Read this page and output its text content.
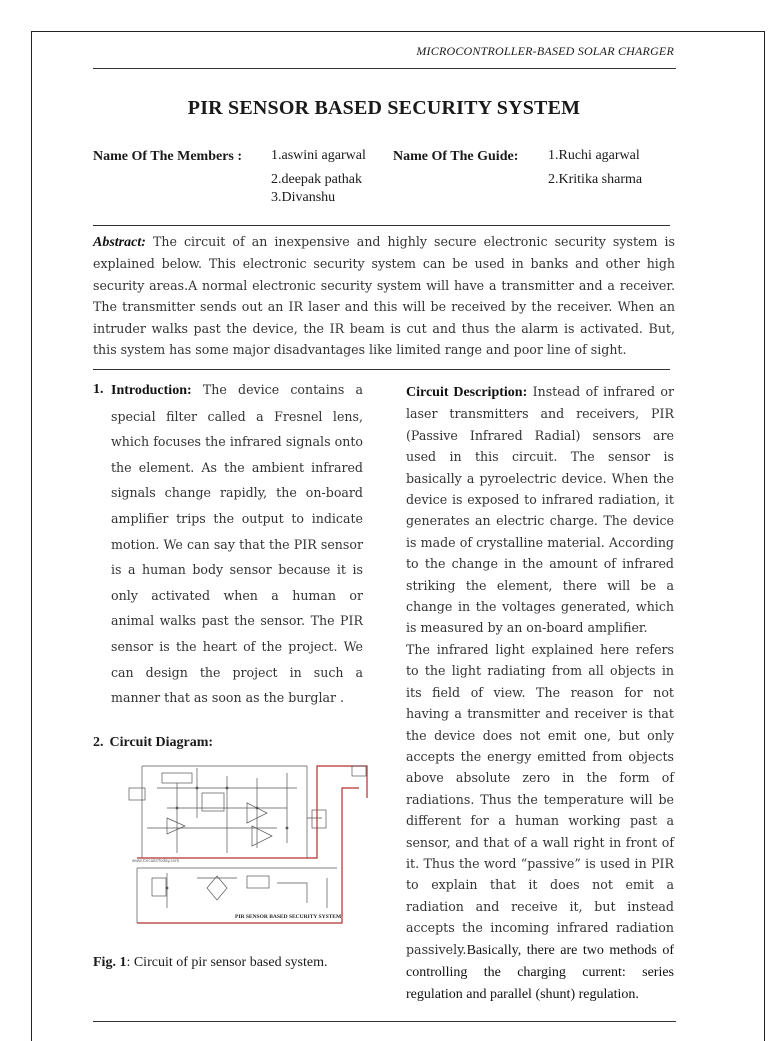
MICROCONTROLLER-BASED SOLAR CHARGER
PIR SENSOR BASED SECURITY SYSTEM
Name Of The Members : 1.aswini agarwal
2.deepak pathak
3.Divanshu
Name Of The Guide: 1.Ruchi agarwal
2.Kritika sharma
Abstract: The circuit of an inexpensive and highly secure electronic security system is explained below. This electronic security system can be used in banks and other high security areas.A normal electronic security system will have a transmitter and a receiver. The transmitter sends out an IR laser and this will be received by the receiver. When an intruder walks past the device, the IR beam is cut and thus the alarm is activated. But, this system has some major disadvantages like limited range and poor line of sight.
1. Introduction: The device contains a special filter called a Fresnel lens, which focuses the infrared signals onto the element. As the ambient infrared signals change rapidly, the on-board amplifier trips the output to indicate motion. We can say that the PIR sensor is a human body sensor because it is only activated when a human or animal walks past the sensor. The PIR sensor is the heart of the project. We can design the project in such a manner that as soon as the burglar .
2. Circuit Diagram:
www.CircuitsToday.com
PIR SENSOR BASED SECURITY SYSTEM
Fig. 1: Circuit of pir sensor based system.

Circuit Description: Instead of infrared or laser transmitters and receivers, PIR (Passive Infrared Radial) sensors are used in this circuit. The sensor is basically a pyroelectric device. When the device is exposed to infrared radiation, it generates an electric charge. The device is made of crystalline material. According to the change in the amount of infrared striking the element, there will be a change in the voltages generated, which is measured by an on-board amplifier.

The infrared light explained here refers to the light radiating from all objects in its field of view. The reason for not having a transmitter and receiver is that the device does not emit one, but only accepts the energy emitted from objects above absolute zero in the form of radiations. Thus the temperature will be different for a human working past a sensor, and that of a wall right in front of it. Thus the word “passive” is used in PIR to explain that it does not emit a radiation and receive it, but instead accepts the incoming infrared radiation passively.Basically, there are two methods of controlling the charging current: series regulation and parallel (shunt) regulation.
